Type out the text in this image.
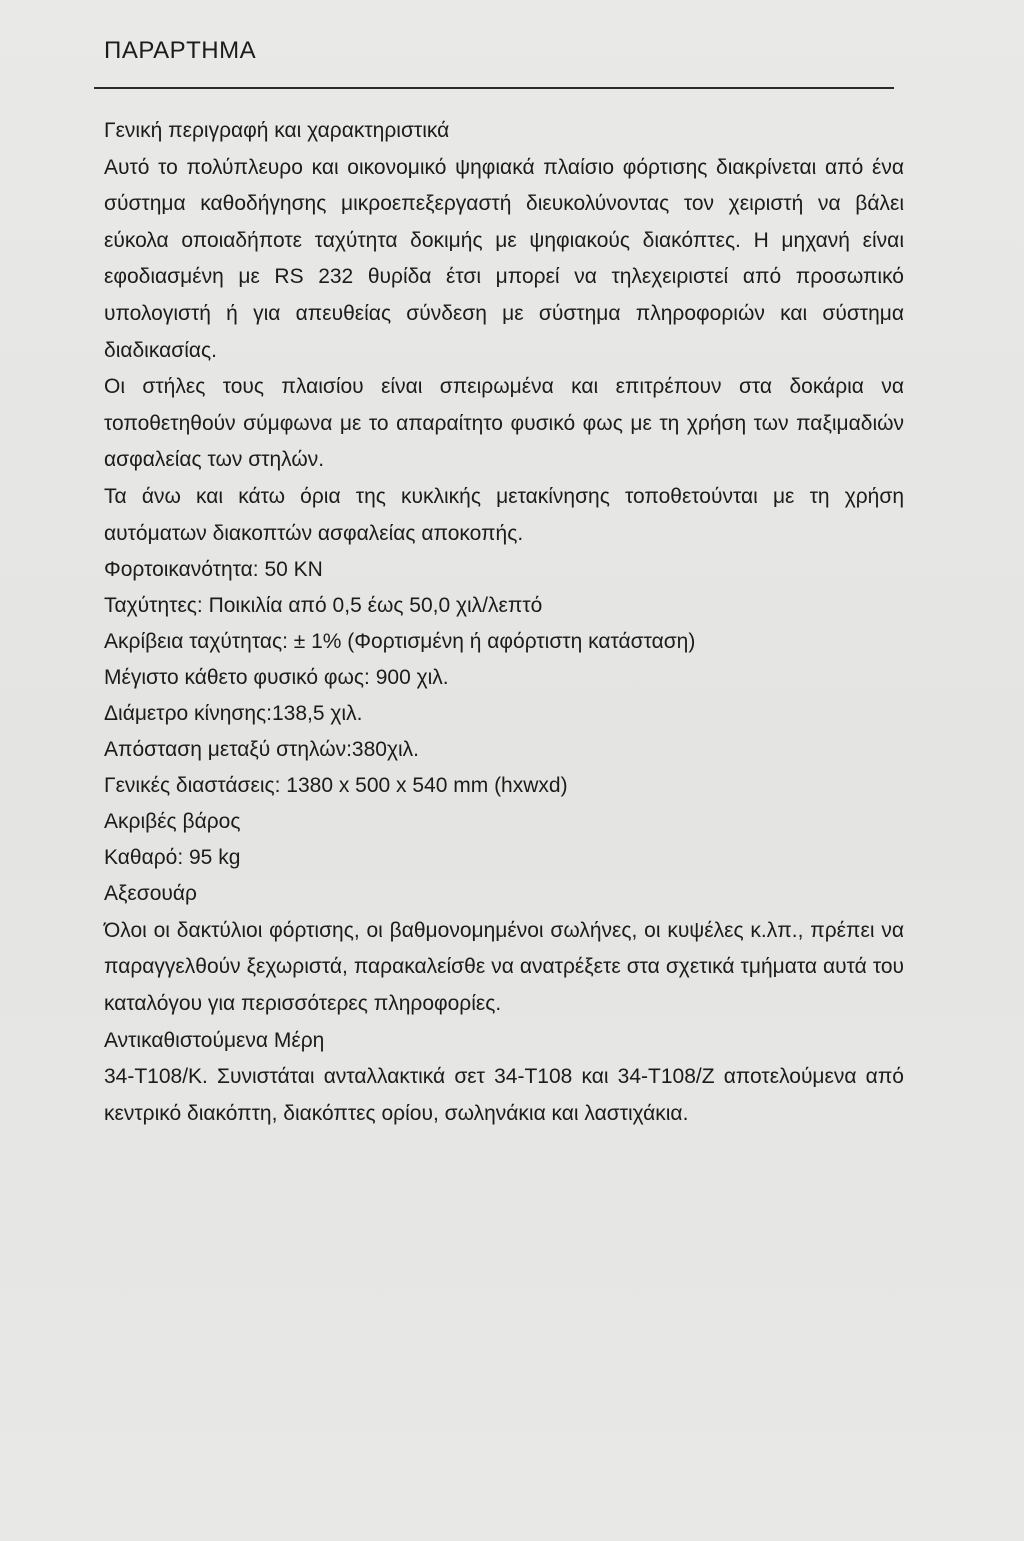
ΠΑΡΑΡΤΗΜΑ

Γενική περιγραφή και χαρακτηριστικά

Αυτό το πολύπλευρο και οικονομικό ψηφιακά πλαίσιο φόρτισης διακρίνεται από ένα σύστημα καθοδήγησης μικροεπεξεργαστή διευκολύνοντας τον χειριστή να βάλει εύκολα οποιαδήποτε ταχύτητα δοκιμής με ψηφιακούς διακόπτες. Η μηχανή είναι εφοδιασμένη με RS 232 θυρίδα έτσι μπορεί να τηλεχειριστεί από προσωπικό υπολογιστή ή για απευθείας σύνδεση με σύστημα πληροφοριών και σύστημα διαδικασίας.

Οι στήλες τους πλαισίου είναι σπειρωμένα και επιτρέπουν στα δοκάρια να τοποθετηθούν σύμφωνα με το απαραίτητο φυσικό φως με τη χρήση των παξιμαδιών ασφαλείας των στηλών.

Τα άνω και κάτω όρια της κυκλικής μετακίνησης τοποθετούνται με τη χρήση αυτόματων διακοπτών ασφαλείας αποκοπής.

Φορτοικανότητα: 50 KN

Ταχύτητες: Ποικιλία από 0,5 έως 50,0 χιλ/λεπτό

Ακρίβεια ταχύτητας: ± 1% (Φορτισμένη ή αφόρτιστη κατάσταση)

Μέγιστο κάθετο φυσικό φως: 900 χιλ.

Διάμετρο κίνησης:138,5 χιλ.

Απόσταση μεταξύ στηλών:380χιλ.

Γενικές διαστάσεις: 1380 x 500 x 540 mm (hxwxd)

Ακριβές βάρος

Καθαρό: 95 kg

Αξεσουάρ

Όλοι οι δακτύλιοι φόρτισης, οι βαθμονομημένοι σωλήνες, οι κυψέλες κ.λπ., πρέπει να παραγγελθούν ξεχωριστά, παρακαλείσθε να ανατρέξετε στα σχετικά τμήματα αυτά του καταλόγου για περισσότερες πληροφορίες.

Αντικαθιστούμενα Μέρη

34-T108/K. Συνιστάται ανταλλακτικά σετ 34-T108 και 34-T108/Z αποτελούμενα από κεντρικό διακόπτη, διακόπτες ορίου, σωληνάκια και λαστιχάκια.
